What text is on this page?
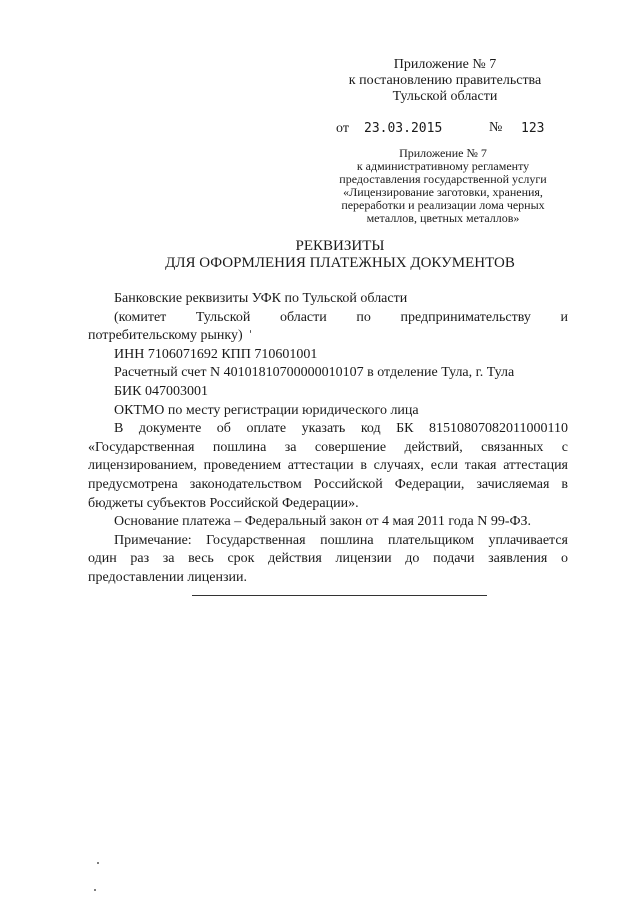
Приложение № 7
к постановлению правительства
Тульской области
от 23.03.2015	№ 123
Приложение № 7
к административному регламенту
предоставления государственной услуги
«Лицензирование заготовки, хранения,
переработки и реализации лома черных
металлов, цветных металлов»
РЕКВИЗИТЫ
ДЛЯ ОФОРМЛЕНИЯ ПЛАТЕЖНЫХ ДОКУМЕНТОВ

Банковские реквизиты УФК по Тульской области

(комитет Тульской области по предпринимательству и

потребительскому рынку)

ИНН 7106071692 КПП 710601001

Расчетный счет N 40101810700000010107 в отделение Тула, г. Тула

БИК 047003001

ОКТМО по месту регистрации юридического лица

В документе об оплате указать код БК 81510807082011000110

«Государственная пошлина за совершение действий, связанных с

лицензированием, проведением аттестации в случаях, если такая аттестация

предусмотрена законодательством Российской Федерации, зачисляемая в

бюджеты субъектов Российской Федерации».

Основание платежа – Федеральный закон от 4 мая 2011 года N 99-ФЗ.

Примечание: Государственная пошлина плательщиком уплачивается

один раз за весь срок действия лицензии до подачи заявления о

предоставлении лицензии.
